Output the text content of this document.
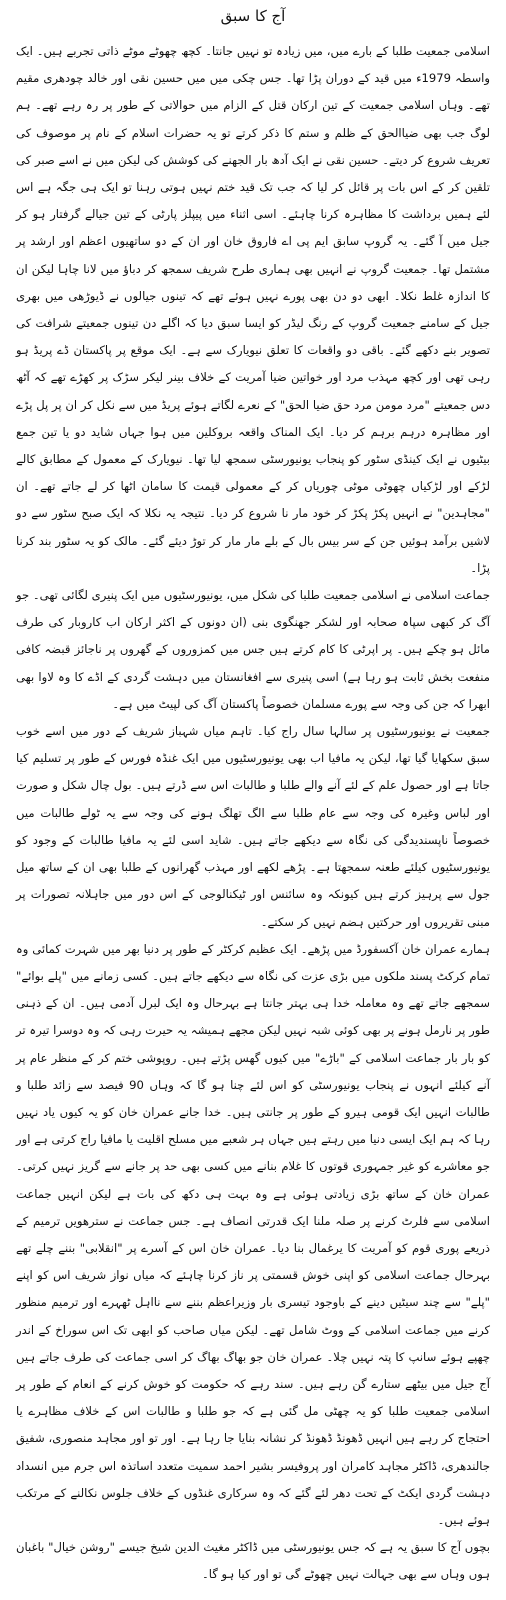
آج کا سبق

اسلامی جمعیت طلبا کے بارے میں، میں زیادہ تو نہیں جانتا۔ کچھ چھوٹے موٹے ذاتی تجربے ہیں۔ ایک واسطہ 1979ء میں قید کے دوران پڑا تھا۔ جس چکی میں میں حسین نقی اور خالد چودھری مقیم تھے۔ وہاں اسلامی جمعیت کے تین ارکان قتل کے الزام میں حوالاتی کے طور پر رہ رہے تھے۔ ہم لوگ جب بھی ضیاالحق کے ظلم و ستم کا ذکر کرتے تو یہ حضرات اسلام کے نام پر موصوف کی تعریف شروع کر دیتے۔ حسین نقی نے ایک آدھ بار الجھنے کی کوشش کی لیکن میں نے اسے صبر کی تلقین کر کے اس بات پر قائل کر لیا کہ جب تک قید ختم نہیں ہوتی رہنا تو ایک ہی جگہ ہے اس لئے ہمیں برداشت کا مظاہرہ کرنا چاہئے۔ اسی اثناء میں پیپلز پارٹی کے تین جیالے گرفتار ہو کر جیل میں آ گئے۔ یہ گروپ سابق ایم پی اے فاروق خان اور ان کے دو ساتھیوں اعظم اور ارشد پر مشتمل تھا۔ جمعیت گروپ نے انہیں بھی ہماری طرح شریف سمجھ کر دباؤ میں لانا چاہا لیکن ان کا اندازہ غلط نکلا۔ ابھی دو دن بھی پورے نہیں ہوئے تھے کہ تینوں جیالوں نے ڈیوڑھی میں بھری جیل کے سامنے جمعیت گروپ کے رنگ لیڈر کو ایسا سبق دیا کہ اگلے دن تینوں جمعیتے شرافت کی تصویر بنے دکھے گئے۔ باقی دو واقعات کا تعلق نیویارک سے ہے۔ ایک موقع پر پاکستان ڈے پریڈ ہو رہی تھی اور کچھ مہذب مرد اور خواتین ضیا آمریت کے خلاف بینر لیکر سڑک پر کھڑے تھے کہ آٹھ دس جمعیتے "مرد مومن مرد حق ضیا الحق" کے نعرے لگاتے ہوئے پریڈ میں سے نکل کر ان پر پل پڑے اور مظاہرہ درہم برہم کر دیا۔ ایک المناک واقعہ بروکلین میں ہوا جہاں شاید دو یا تین جمع بیٹیوں نے ایک کینڈی سٹور کو پنجاب یونیورسٹی سمجھ لیا تھا۔ نیویارک کے معمول کے مطابق کالے لڑکے اور لڑکیاں چھوٹی موٹی چوریاں کر کے معمولی قیمت کا سامان اٹھا کر لے جاتے تھے۔ ان "مجاہدین" نے انہیں پکڑ پکڑ کر خود مار نا شروع کر دیا۔ نتیجہ یہ نکلا کہ ایک صبح سٹور سے دو لاشیں برآمد ہوئیں جن کے سر بیس بال کے بلے مار مار کر توڑ دیئے گئے۔ مالک کو یہ سٹور بند کرنا پڑا۔

جماعت اسلامی نے اسلامی جمعیت طلبا کی شکل میں، یونیورسٹیوں میں ایک پنیری لگائی تھی۔ جو آگ کر کبھی سپاہ صحابہ اور لشکر جھنگوی بنی (ان دونوں کے اکثر ارکان اب کاروبار کی طرف مائل ہو چکے ہیں۔ پر اپرٹی کا کام کرتے ہیں جس میں کمزوروں کے گھروں پر ناجائز قبضہ کافی منفعت بخش ثابت ہو رہا ہے) اسی پنیری سے افغانستان میں دہشت گردی کے اڈے کا وہ لاوا بھی ابھرا کہ جن کی وجہ سے پورے مسلمان خصوصاً پاکستان آگ کی لپیٹ میں ہے۔

جمعیت نے یونیورسٹیوں پر سالہا سال راج کیا۔ تاہم میاں شہباز شریف کے دور میں اسے خوب سبق سکھایا گیا تھا، لیکن یہ مافیا اب بھی یونیورسٹیوں میں ایک غنڈہ فورس کے طور پر تسلیم کیا جاتا ہے اور حصول علم کے لئے آنے والے طلبا و طالبات اس سے ڈرتے ہیں۔ بول چال شکل و صورت اور لباس وغیرہ کی وجہ سے عام طلبا سے الگ تھلگ ہونے کی وجہ سے یہ ٹولے طالبات میں خصوصاً ناپسندیدگی کی نگاہ سے دیکھے جاتے ہیں۔ شاید اسی لئے یہ مافیا طالبات کے وجود کو یونیورسٹیوں کیلئے طعنہ سمجھتا ہے۔ پڑھے لکھے اور مہذب گھرانوں کے طلبا بھی ان کے ساتھ میل جول سے پرہیز کرتے ہیں کیونکہ وہ سائنس اور ٹیکنالوجی کے اس دور میں جاہلانہ تصورات پر مبنی تقریروں اور حرکتیں ہضم نہیں کر سکتے۔

ہمارے عمران خان آکسفورڈ میں پڑھے۔ ایک عظیم کرکٹر کے طور پر دنیا بھر میں شہرت کمائی وہ تمام کرکٹ پسند ملکوں میں بڑی عزت کی نگاہ سے دیکھے جاتے ہیں۔ کسی زمانے میں "پلے بوائے" سمجھے جاتے تھے وہ معاملہ خدا ہی بہتر جانتا ہے بہرحال وہ ایک لبرل آدمی ہیں۔ ان کے ذہنی طور پر نارمل ہونے پر بھی کوئی شبہ نہیں لیکن مجھے ہمیشہ یہ حیرت رہی کہ وہ دوسرا تیرہ تر کو بار بار جماعت اسلامی کے "باڑے" میں کیوں گھس پڑتے ہیں۔ روپوشی ختم کر کے منظر عام پر آنے کیلئے انہوں نے پنجاب یونیورسٹی کو اس لئے چنا ہو گا کہ وہاں 90 فیصد سے زائد طلبا و طالبات انہیں ایک قومی ہیرو کے طور پر جانتی ہیں۔ خدا جانے عمران خان کو یہ کیوں یاد نہیں رہا کہ ہم ایک ایسی دنیا میں رہتے ہیں جہاں ہر شعبے میں مسلح اقلیت یا مافیا راج کرتی ہے اور جو معاشرے کو غیر جمہوری قوتوں کا غلام بنانے میں کسی بھی حد پر جانے سے گریز نہیں کرتی۔ عمران خان کے ساتھ بڑی زیادتی ہوئی ہے وہ بہت ہی دکھ کی بات ہے لیکن انہیں جماعت اسلامی سے فلرٹ کرنے پر صلہ ملنا ایک قدرتی انصاف ہے۔ جس جماعت نے سترھویں ترمیم کے ذریعے پوری قوم کو آمریت کا یرغمال بنا دیا۔ عمران خان اس کے آسرے پر "انقلابی" بننے چلے تھے بہرحال جماعت اسلامی کو اپنی خوش قسمتی پر ناز کرنا چاہئے کہ میاں نواز شریف اس کو اپنے "پلے" سے چند سیٹیں دینے کے باوجود تیسری بار وزیراعظم بننے سے نااہل ٹھہرے اور ترمیم منظور کرنے میں جماعت اسلامی کے ووٹ شامل تھے۔ لیکن میاں صاحب کو ابھی تک اس سوراخ کے اندر چھپے ہوئے سانپ کا پتہ نہیں چلا۔ عمران خان جو بھاگ بھاگ کر اسی جماعت کی طرف جاتے ہیں آج جیل میں بیٹھے ستارے گن رہے ہیں۔ سند رہے کہ حکومت کو خوش کرنے کے انعام کے طور پر اسلامی جمعیت طلبا کو یہ چھٹی مل گئی ہے کہ جو طلبا و طالبات اس کے خلاف مظاہرے یا احتجاج کر رہے ہیں انہیں ڈھونڈ ڈھونڈ کر نشانہ بنایا جا رہا ہے۔ اور تو اور مجاہد منصوری، شفیق جالندھری، ڈاکٹر مجاہد کامران اور پروفیسر بشیر احمد سمیت متعدد اساتذہ اس جرم میں انسداد دہشت گردی ایکٹ کے تحت دھر لئے گئے کہ وہ سرکاری غنڈوں کے خلاف جلوس نکالنے کے مرتکب ہوئے ہیں۔

بچوں آج کا سبق یہ ہے کہ جس یونیورسٹی میں ڈاکٹر مغیث الدین شیخ جیسے "روشن خیال" باغبان ہوں وہاں سے بھی جہالت نہیں چھوٹے گی تو اور کیا ہو گا۔
